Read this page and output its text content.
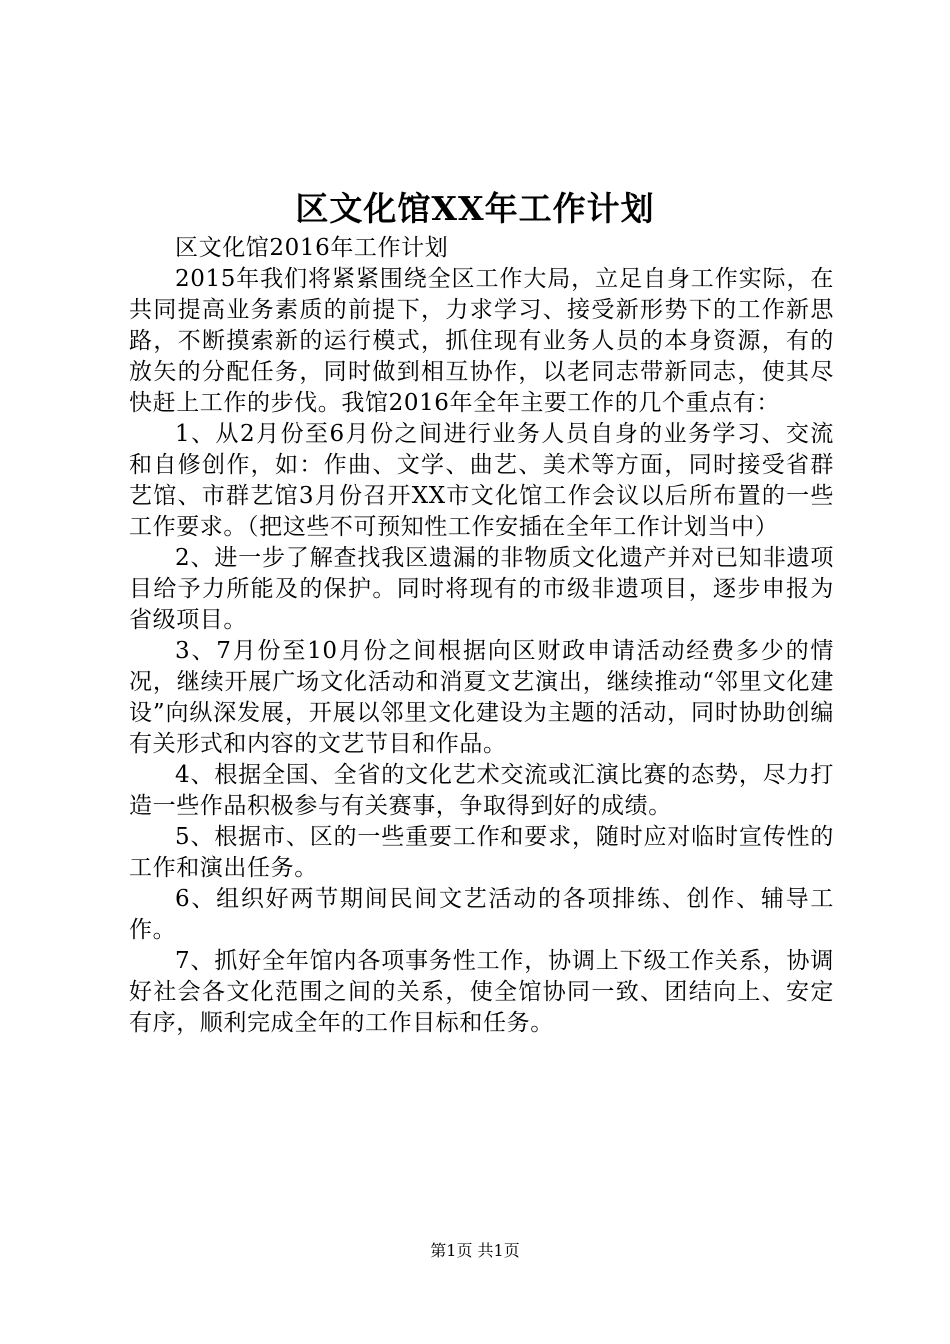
区文化馆XX年工作计划

区文化馆2016年工作计划

2015年我们将紧紧围绕全区工作大局，立足自身工作实际，在共同提高业务素质的前提下，力求学习、接受新形势下的工作新思路，不断摸索新的运行模式，抓住现有业务人员的本身资源，有的放矢的分配任务，同时做到相互协作，以老同志带新同志，使其尽快赶上工作的步伐。我馆2016年全年主要工作的几个重点有：

1、从2月份至6月份之间进行业务人员自身的业务学习、交流和自修创作，如：作曲、文学、曲艺、美术等方面，同时接受省群艺馆、市群艺馆3月份召开XX市文化馆工作会议以后所布置的一些工作要求。（把这些不可预知性工作安插在全年工作计划当中）

2、进一步了解查找我区遗漏的非物质文化遗产并对已知非遗项目给予力所能及的保护。同时将现有的市级非遗项目，逐步申报为省级项目。

3、7月份至10月份之间根据向区财政申请活动经费多少的情况，继续开展广场文化活动和消夏文艺演出，继续推动“邻里文化建设”向纵深发展，开展以邻里文化建设为主题的活动，同时协助创编有关形式和内容的文艺节目和作品。

4、根据全国、全省的文化艺术交流或汇演比赛的态势，尽力打造一些作品积极参与有关赛事，争取得到好的成绩。

5、根据市、区的一些重要工作和要求，随时应对临时宣传性的工作和演出任务。

6、组织好两节期间民间文艺活动的各项排练、创作、辅导工作。

7、抓好全年馆内各项事务性工作，协调上下级工作关系，协调好社会各文化范围之间的关系，使全馆协同一致、团结向上、安定有序，顺利完成全年的工作目标和任务。

第1页 共1页
